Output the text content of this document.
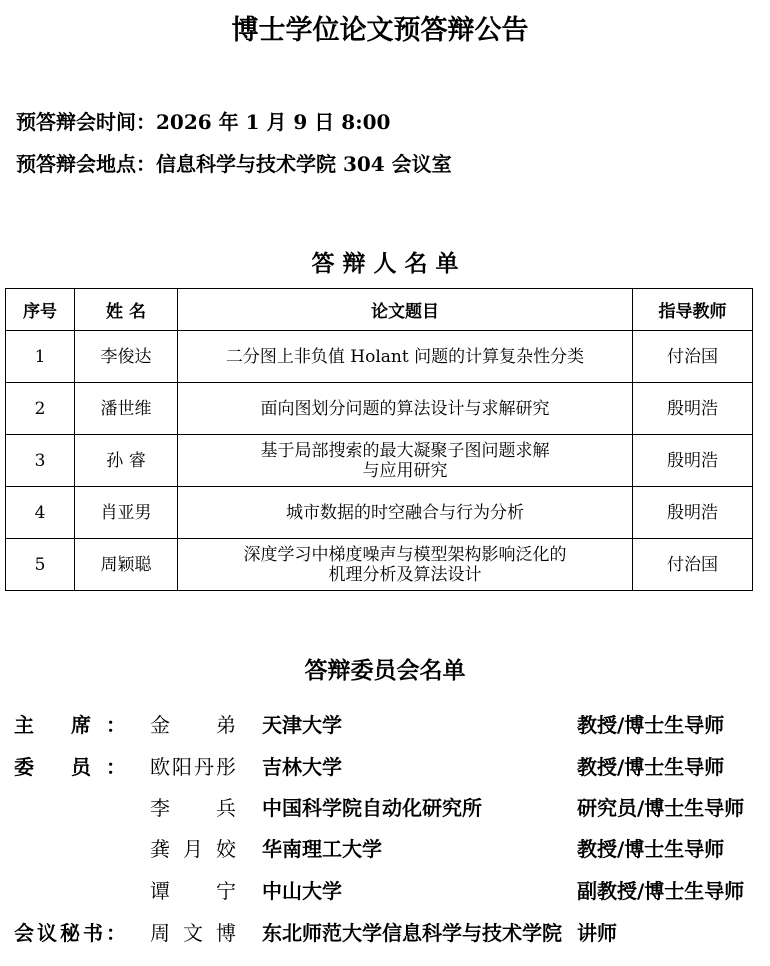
博士学位论文预答辩公告
预答辩会时间：2026 年 1 月 9 日 8:00
预答辩会地点：信息科学与技术学院 304 会议室
答 辩 人 名 单
序号	姓 名	论文题目	指导教师
1	李俊达	二分图上非负值 Holant 问题的计算复杂性分类	付治国
2	潘世维	面向图划分问题的算法设计与求解研究	殷明浩
3	孙 睿	基于局部搜索的最大凝聚子图问题求解
与应用研究	殷明浩
4	肖亚男	城市数据的时空融合与行为分析	殷明浩
5	周颖聪	深度学习中梯度噪声与模型架构影响泛化的
机理分析及算法设计	付治国
答辩委员会名单
主 席： 金 弟 天津大学	教授/博士生导师
委 员： 欧阳丹彤 吉林大学	教授/博士生导师
李 兵 中国科学院自动化研究所	研究员/博士生导师
龚月姣 华南理工大学	教授/博士生导师
谭 宁 中山大学	副教授/博士生导师
会议秘书： 周文博 东北师范大学信息科学与技术学院 讲师
